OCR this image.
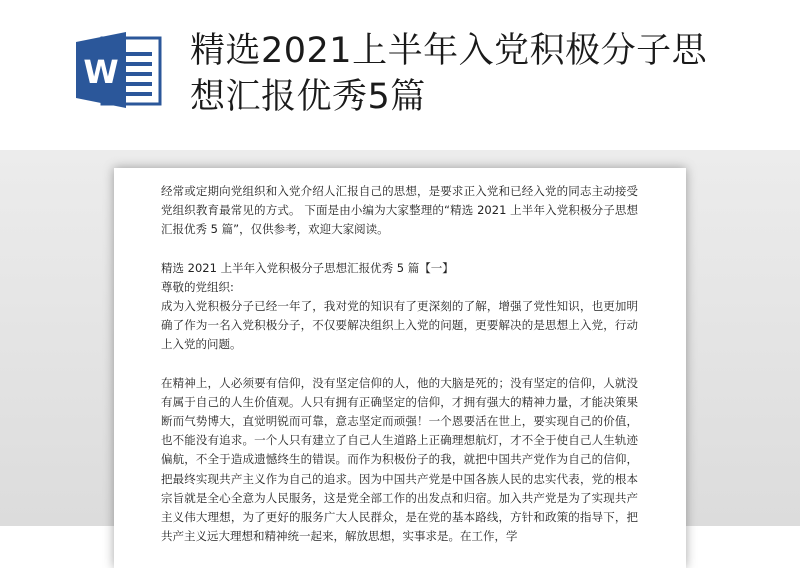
W
精选2021上半年入党积极分子思想汇报优秀5篇

经常或定期向党组织和入党介绍人汇报自己的思想，是要求正入党和已经入党的同志主动接受党组织教育最常见的方式。 下面是由小编为大家整理的“精选 2021 上半年入党积极分子思想汇报优秀 5 篇”，仅供参考，欢迎大家阅读。

精选 2021 上半年入党积极分子思想汇报优秀 5 篇【一】

尊敬的党组织:

成为入党积极分子已经一年了，我对党的知识有了更深刻的了解，增强了党性知识，也更加明确了作为一名入党积极分子，不仅要解决组织上入党的问题，更要解决的是思想上入党，行动上入党的问题。

在精神上，人必须要有信仰，没有坚定信仰的人，他的大脑是死的；没有坚定的信仰，人就没有属于自己的人生价值观。人只有拥有正确坚定的信仰，才拥有强大的精神力量，才能决策果断而气势博大，直觉明锐而可靠，意志坚定而顽强！一个恩要活在世上，要实现自己的价值，也不能没有追求。一个人只有建立了自己人生道路上正确理想航灯，才不全于使自己人生轨迹偏航，不全于造成遗憾终生的错误。而作为积极份子的我，就把中国共产党作为自己的信仰，把最终实现共产主义作为自己的追求。因为中国共产党是中国各族人民的忠实代表，党的根本宗旨就是全心全意为人民服务，这是党全部工作的出发点和归宿。加入共产党是为了实现共产主义伟大理想，为了更好的服务广大人民群众，是在党的基本路线，方针和政策的指导下，把共产主义远大理想和精神统一起来，解放思想，实事求是。在工作，学
